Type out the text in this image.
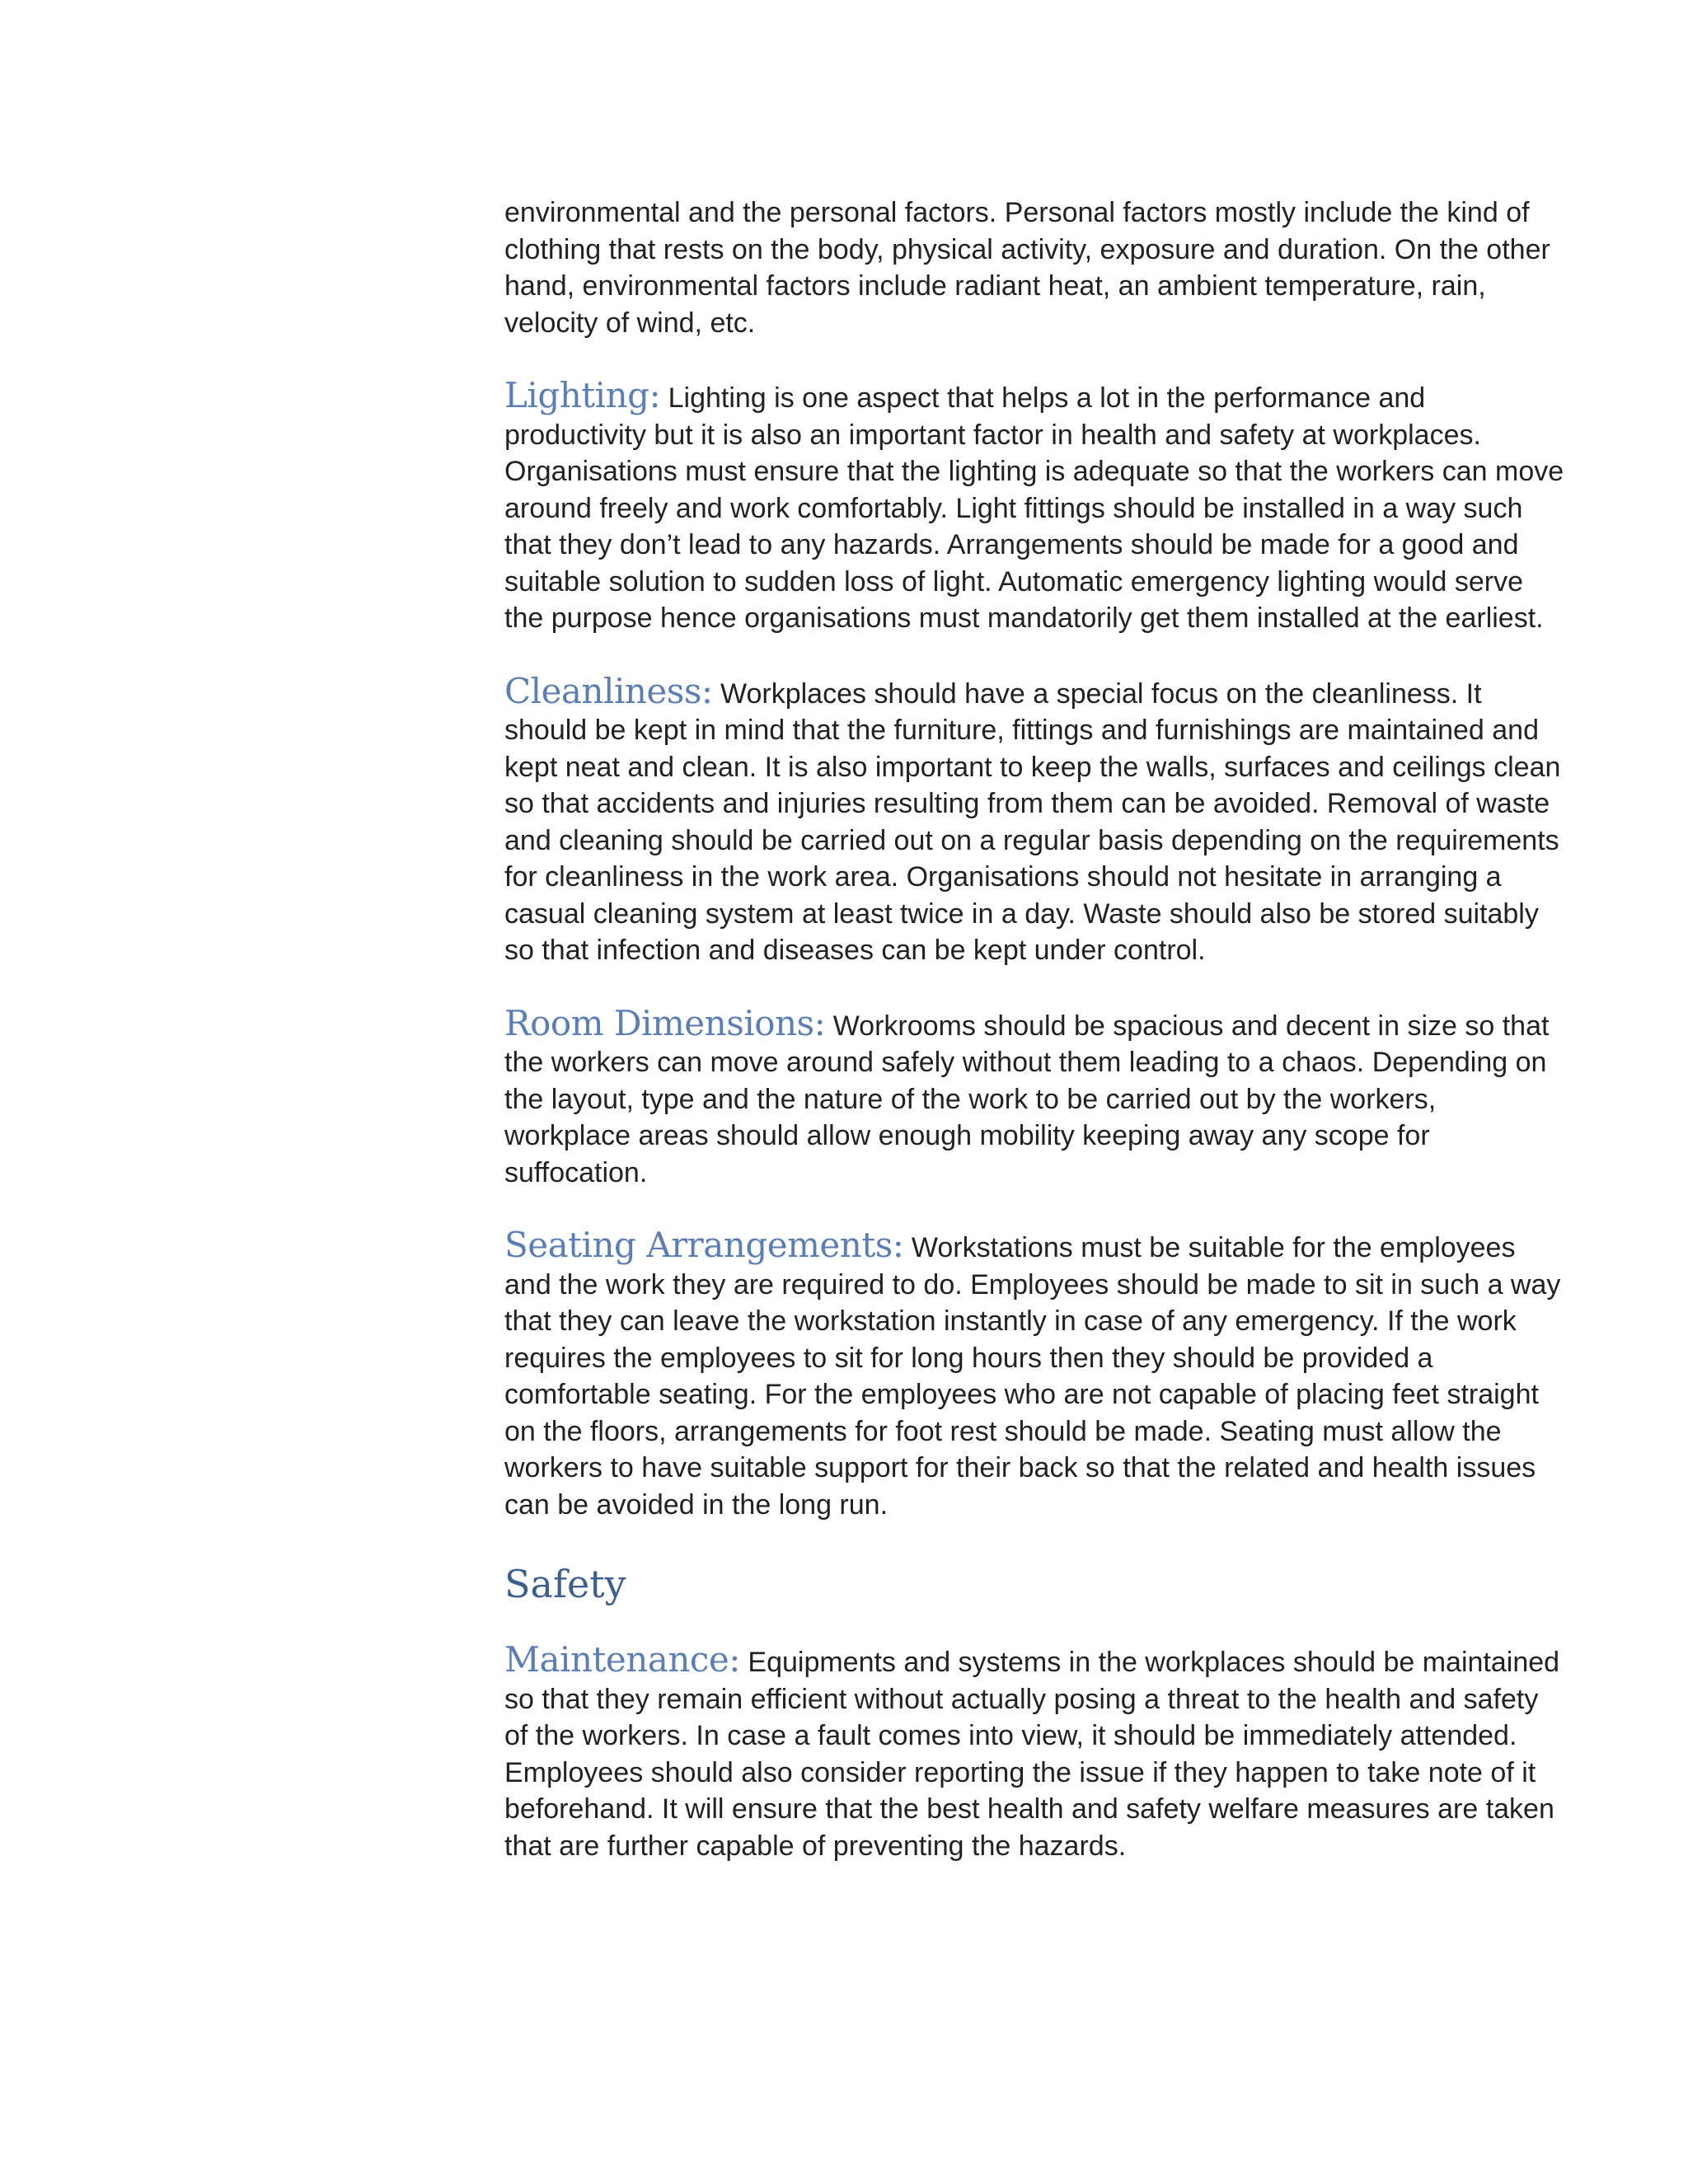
environmental and the personal factors. Personal factors mostly include the kind of clothing that rests on the body, physical activity, exposure and duration. On the other hand, environmental factors include radiant heat, an ambient temperature, rain, velocity of wind, etc.

Lighting: Lighting is one aspect that helps a lot in the performance and productivity but it is also an important factor in health and safety at workplaces. Organisations must ensure that the lighting is adequate so that the workers can move around freely and work comfortably. Light fittings should be installed in a way such that they don’t lead to any hazards. Arrangements should be made for a good and suitable solution to sudden loss of light. Automatic emergency lighting would serve the purpose hence organisations must mandatorily get them installed at the earliest.

Cleanliness: Workplaces should have a special focus on the cleanliness. It should be kept in mind that the furniture, fittings and furnishings are maintained and kept neat and clean. It is also important to keep the walls, surfaces and ceilings clean so that accidents and injuries resulting from them can be avoided. Removal of waste and cleaning should be carried out on a regular basis depending on the requirements for cleanliness in the work area. Organisations should not hesitate in arranging a casual cleaning system at least twice in a day. Waste should also be stored suitably so that infection and diseases can be kept under control.

Room Dimensions: Workrooms should be spacious and decent in size so that the workers can move around safely without them leading to a chaos. Depending on the layout, type and the nature of the work to be carried out by the workers, workplace areas should allow enough mobility keeping away any scope for suffocation.

Seating Arrangements: Workstations must be suitable for the employees and the work they are required to do. Employees should be made to sit in such a way that they can leave the workstation instantly in case of any emergency. If the work requires the employees to sit for long hours then they should be provided a comfortable seating. For the employees who are not capable of placing feet straight on the floors, arrangements for foot rest should be made. Seating must allow the workers to have suitable support for their back so that the related and health issues can be avoided in the long run.

Safety

Maintenance: Equipments and systems in the workplaces should be maintained so that they remain efficient without actually posing a threat to the health and safety of the workers. In case a fault comes into view, it should be immediately attended. Employees should also consider reporting the issue if they happen to take note of it beforehand. It will ensure that the best health and safety welfare measures are taken that are further capable of preventing the hazards.
